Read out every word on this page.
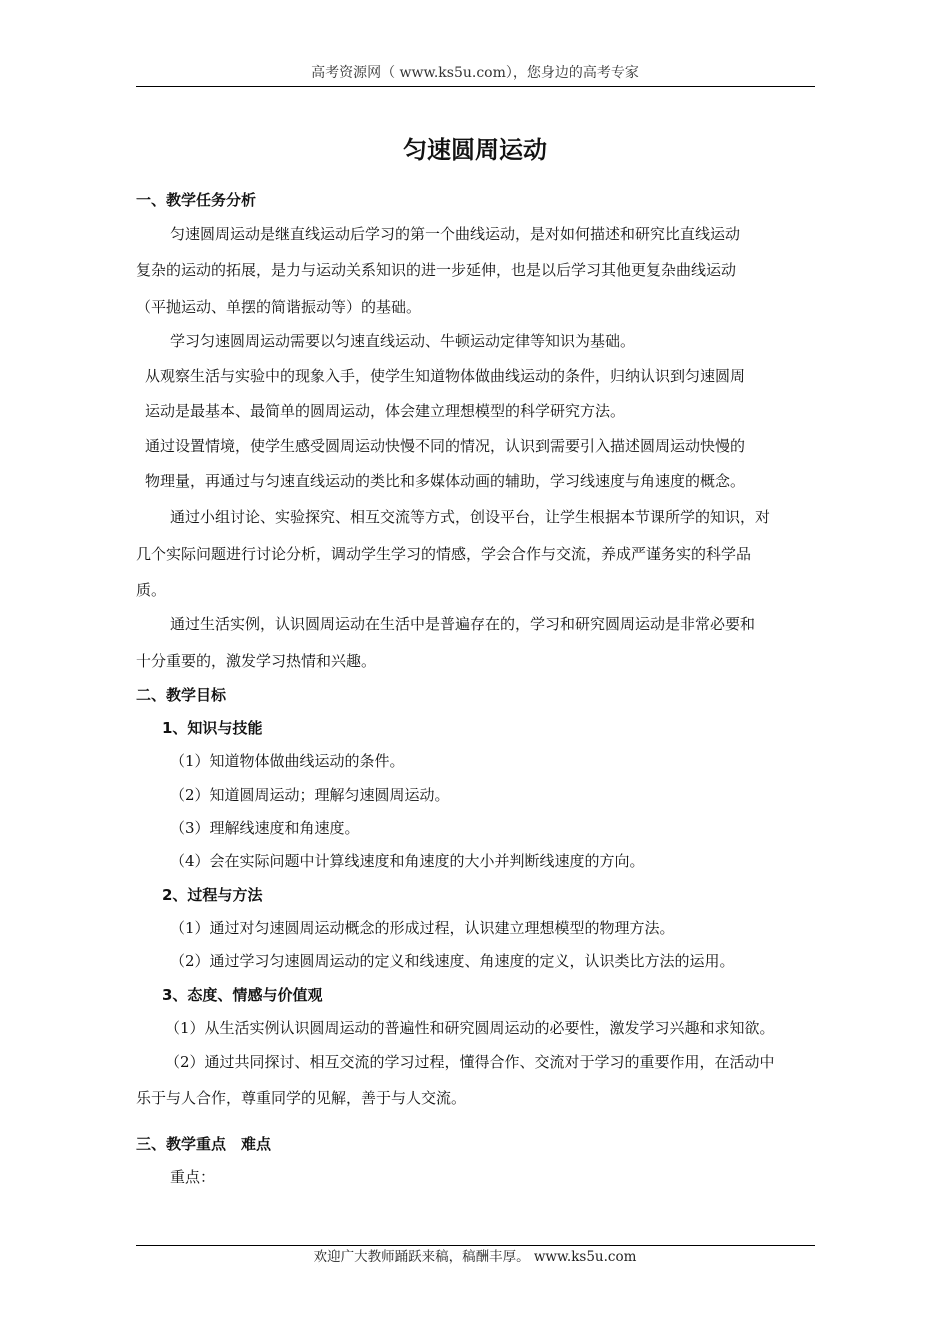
高考资源网（ www.ks5u.com），您身边的高考专家
匀速圆周运动
一、教学任务分析
匀速圆周运动是继直线运动后学习的第一个曲线运动，是对如何描述和研究比直线运动
复杂的运动的拓展，是力与运动关系知识的进一步延伸，也是以后学习其他更复杂曲线运动
（平抛运动、单摆的简谐振动等）的基础。
学习匀速圆周运动需要以匀速直线运动、牛顿运动定律等知识为基础。
从观察生活与实验中的现象入手，使学生知道物体做曲线运动的条件，归纳认识到匀速圆周
运动是最基本、最简单的圆周运动，体会建立理想模型的科学研究方法。
通过设置情境，使学生感受圆周运动快慢不同的情况，认识到需要引入描述圆周运动快慢的
物理量，再通过与匀速直线运动的类比和多媒体动画的辅助，学习线速度与角速度的概念。
通过小组讨论、实验探究、相互交流等方式，创设平台，让学生根据本节课所学的知识，对
几个实际问题进行讨论分析，调动学生学习的情感，学会合作与交流，养成严谨务实的科学品
质。
通过生活实例，认识圆周运动在生活中是普遍存在的，学习和研究圆周运动是非常必要和
十分重要的，激发学习热情和兴趣。
二、教学目标
1、知识与技能
（1）知道物体做曲线运动的条件。
（2）知道圆周运动；理解匀速圆周运动。
（3）理解线速度和角速度。
（4）会在实际问题中计算线速度和角速度的大小并判断线速度的方向。
2、过程与方法
（1）通过对匀速圆周运动概念的形成过程，认识建立理想模型的物理方法。
（2）通过学习匀速圆周运动的定义和线速度、角速度的定义，认识类比方法的运用。
3、态度、情感与价值观
（1）从生活实例认识圆周运动的普遍性和研究圆周运动的必要性，激发学习兴趣和求知欲。
（2）通过共同探讨、相互交流的学习过程，懂得合作、交流对于学习的重要作用，在活动中
乐于与人合作，尊重同学的见解，善于与人交流。
三、教学重点　难点
重点：
欢迎广大教师踊跃来稿，稿酬丰厚。 www.ks5u.com
